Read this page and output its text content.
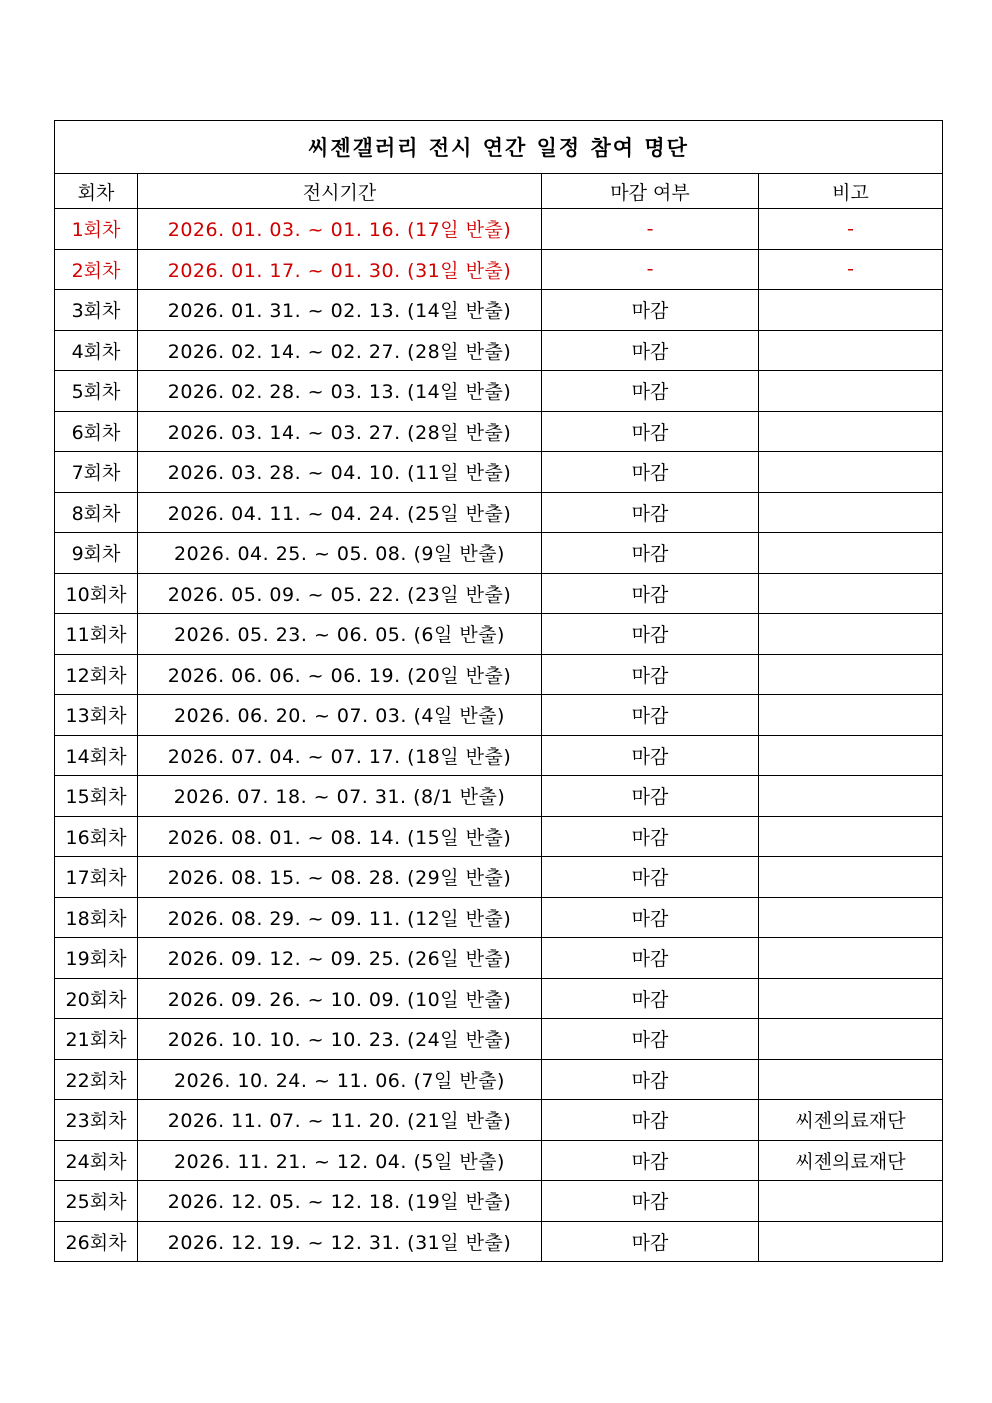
씨젠갤러리 전시 연간 일정 참여 명단			
회차	전시기간	마감 여부	비고
1회차	2026. 01. 03. ~ 01. 16. (17일 반출)	-	-
2회차	2026. 01. 17. ~ 01. 30. (31일 반출)	-	-
3회차	2026. 01. 31. ~ 02. 13. (14일 반출)	마감	
4회차	2026. 02. 14. ~ 02. 27. (28일 반출)	마감	
5회차	2026. 02. 28. ~ 03. 13. (14일 반출)	마감	
6회차	2026. 03. 14. ~ 03. 27. (28일 반출)	마감	
7회차	2026. 03. 28. ~ 04. 10. (11일 반출)	마감	
8회차	2026. 04. 11. ~ 04. 24. (25일 반출)	마감	
9회차	2026. 04. 25. ~ 05. 08. (9일 반출)	마감	
10회차	2026. 05. 09. ~ 05. 22. (23일 반출)	마감	
11회차	2026. 05. 23. ~ 06. 05. (6일 반출)	마감	
12회차	2026. 06. 06. ~ 06. 19. (20일 반출)	마감	
13회차	2026. 06. 20. ~ 07. 03. (4일 반출)	마감	
14회차	2026. 07. 04. ~ 07. 17. (18일 반출)	마감	
15회차	2026. 07. 18. ~ 07. 31. (8/1 반출)	마감	
16회차	2026. 08. 01. ~ 08. 14. (15일 반출)	마감	
17회차	2026. 08. 15. ~ 08. 28. (29일 반출)	마감	
18회차	2026. 08. 29. ~ 09. 11. (12일 반출)	마감	
19회차	2026. 09. 12. ~ 09. 25. (26일 반출)	마감	
20회차	2026. 09. 26. ~ 10. 09. (10일 반출)	마감	
21회차	2026. 10. 10. ~ 10. 23. (24일 반출)	마감	
22회차	2026. 10. 24. ~ 11. 06. (7일 반출)	마감	
23회차	2026. 11. 07. ~ 11. 20. (21일 반출)	마감	씨젠의료재단
24회차	2026. 11. 21. ~ 12. 04. (5일 반출)	마감	씨젠의료재단
25회차	2026. 12. 05. ~ 12. 18. (19일 반출)	마감	
26회차	2026. 12. 19. ~ 12. 31. (31일 반출)	마감	
